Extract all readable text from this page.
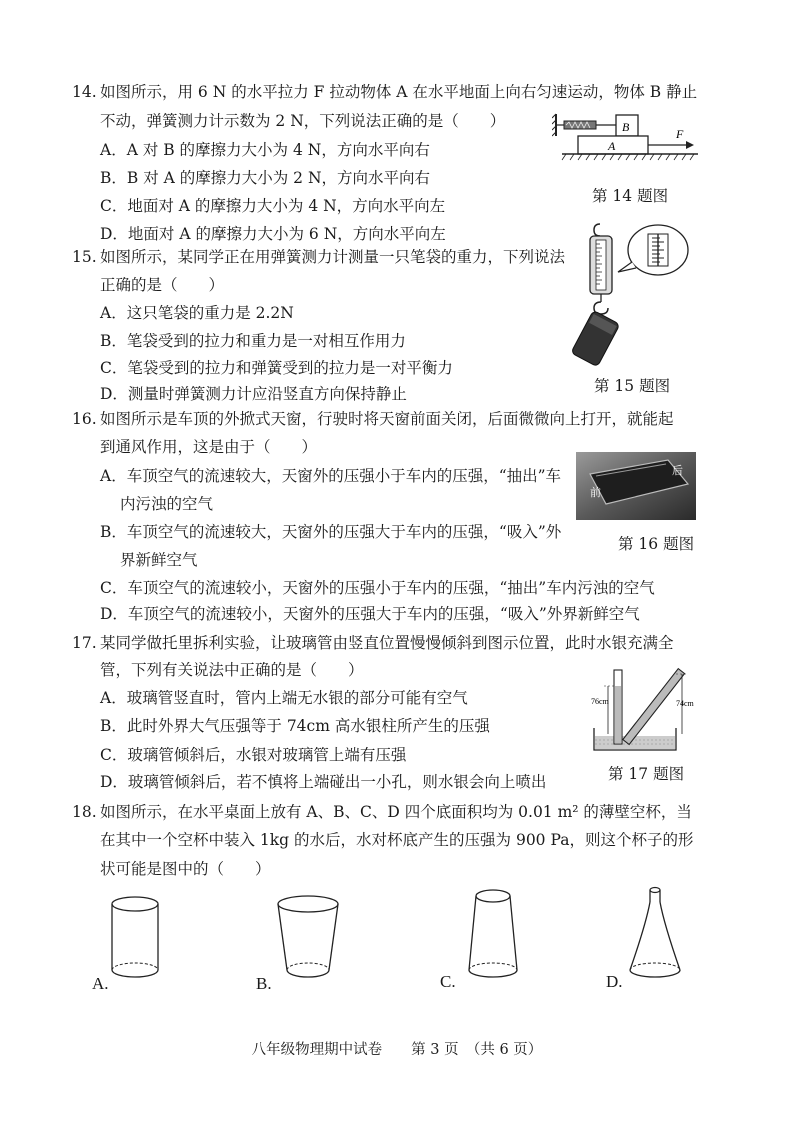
14. 如图所示，用 6 N 的水平拉力 F 拉动物体 A 在水平地面上向右匀速运动，物体 B 静止
不动，弹簧测力计示数为 2 N，下列说法正确的是（　　）
A．A 对 B 的摩擦力大小为 4 N，方向水平向右
B．B 对 A 的摩擦力大小为 2 N，方向水平向右
C．地面对 A 的摩擦力大小为 4 N，方向水平向左
D．地面对 A 的摩擦力大小为 6 N，方向水平向左
B
A
F
第 14 题图
15. 如图所示，某同学正在用弹簧测力计测量一只笔袋的重力，下列说法
正确的是（　　）
A．这只笔袋的重力是 2.2N
B．笔袋受到的拉力和重力是一对相互作用力
C．笔袋受到的拉力和弹簧受到的拉力是一对平衡力
D．测量时弹簧测力计应沿竖直方向保持静止	第 15 题图
16. 如图所示是车顶的外掀式天窗，行驶时将天窗前面关闭，后面微微向上打开，就能起
到通风作用，这是由于（　　）
A．车顶空气的流速较大，天窗外的压强小于车内的压强，“抽出”车
内污浊的空气
B．车顶空气的流速较大，天窗外的压强大于车内的压强，“吸入”外
界新鲜空气
C．车顶空气的流速较小，天窗外的压强小于车内的压强，“抽出”车内污浊的空气
D．车顶空气的流速较小，天窗外的压强大于车内的压强，“吸入”外界新鲜空气
后
前
第 16 题图
17. 某同学做托里拆利实验，让玻璃管由竖直位置慢慢倾斜到图示位置，此时水银充满全
管，下列有关说法中正确的是（　　）
A．玻璃管竖直时，管内上端无水银的部分可能有空气
B．此时外界大气压强等于 74cm 高水银柱所产生的压强
C．玻璃管倾斜后，水银对玻璃管上端有压强
D．玻璃管倾斜后，若不慎将上端碰出一小孔，则水银会向上喷出
76cm	74cm
第 17 题图
18. 如图所示，在水平桌面上放有 A、B、C、D 四个底面积均为 0.01 m² 的薄壁空杯，当
在其中一个空杯中装入 1kg 的水后，水对杯底产生的压强为 900 Pa，则这个杯子的形
状可能是图中的（　　）
A.	B.	C.	D.
八年级物理期中试卷　　第 3 页　（共 6 页）
